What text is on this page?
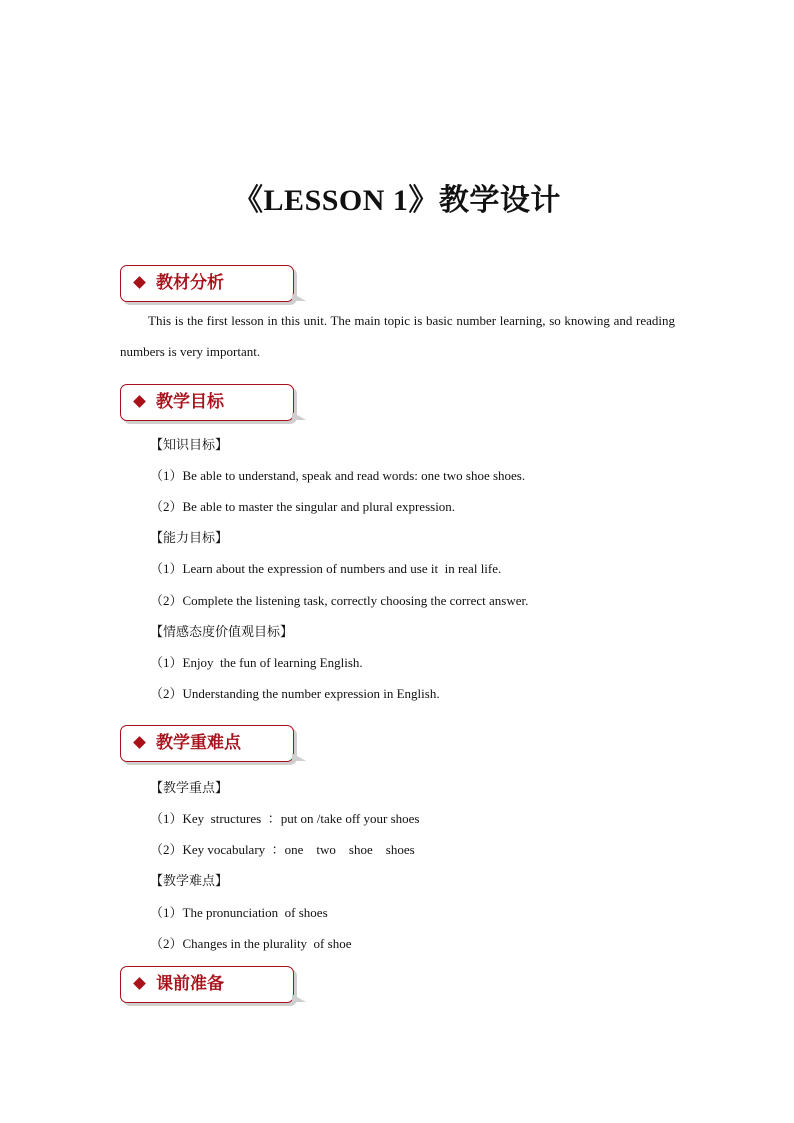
《LESSON 1》教学设计
教材分析
This is the first lesson in this unit. The main topic is basic number learning, so knowing and reading numbers is very important.
教学目标
【知识目标】
（1）Be able to understand, speak and read words: one two shoe shoes.
（2）Be able to master the singular and plural expression.
【能力目标】
（1）Learn about the expression of numbers and use it  in real life.
（2）Complete the listening task, correctly choosing the correct answer.
【情感态度价值观目标】
（1）Enjoy  the fun of learning English.
（2）Understanding the number expression in English.
教学重难点
【教学重点】
（1）Key  structures  ：put on /take off your shoes
（2）Key vocabulary  ：one    two    shoe    shoes
【教学难点】
（1）The pronunciation  of shoes
（2）Changes in the plurality  of shoe
课前准备
